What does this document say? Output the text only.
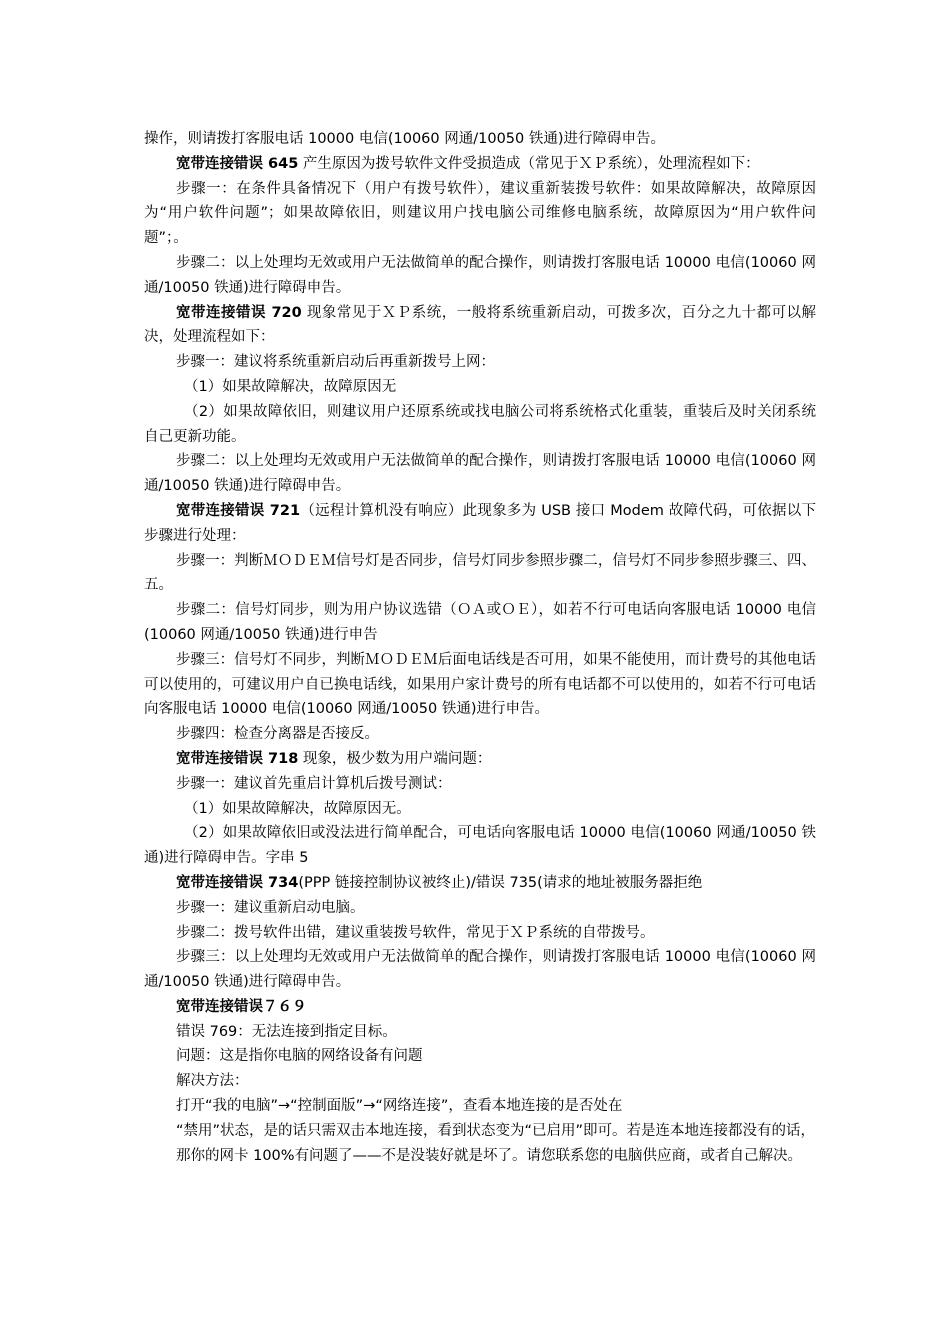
操作，则请拨打客服电话 10000 电信(10060 网通/10050 铁通)进行障碍申告。

宽带连接错误 645 产生原因为拨号软件文件受损造成（常见于ＸＰ系统），处理流程如下：

步骤一：在条件具备情况下（用户有拨号软件），建议重新装拨号软件：如果故障解决，故障原因为“用户软件问题”；如果故障依旧，则建议用户找电脑公司维修电脑系统，故障原因为“用户软件问题”；。

步骤二：以上处理均无效或用户无法做简单的配合操作，则请拨打客服电话 10000 电信(10060 网通/10050 铁通)进行障碍申告。

宽带连接错误 720 现象常见于ＸＰ系统，一般将系统重新启动，可拨多次，百分之九十都可以解决，处理流程如下：

步骤一：建议将系统重新启动后再重新拨号上网：

（1）如果故障解决，故障原因无

（2）如果故障依旧，则建议用户还原系统或找电脑公司将系统格式化重装，重装后及时关闭系统自己更新功能。

步骤二：以上处理均无效或用户无法做简单的配合操作，则请拨打客服电话 10000 电信(10060 网通/10050 铁通)进行障碍申告。

宽带连接错误 721（远程计算机没有响应）此现象多为 USB 接口 Modem 故障代码，可依据以下步骤进行处理：

步骤一：判断ＭＯＤＥＭ信号灯是否同步，信号灯同步参照步骤二，信号灯不同步参照步骤三、四、五。

步骤二：信号灯同步，则为用户协议选错（ＯＡ或ＯＥ），如若不行可电话向客服电话 10000 电信(10060 网通/10050 铁通)进行申告

步骤三：信号灯不同步，判断ＭＯＤＥＭ后面电话线是否可用，如果不能使用，而计费号的其他电话可以使用的，可建议用户自已换电话线，如果用户家计费号的所有电话都不可以使用的，如若不行可电话向客服电话 10000 电信(10060 网通/10050 铁通)进行申告。

步骤四：检查分离器是否接反。

宽带连接错误 718 现象，极少数为用户端问题：

步骤一：建议首先重启计算机后拨号测试：

（1）如果故障解决，故障原因无。

（2）如果故障依旧或没法进行简单配合，可电话向客服电话 10000 电信(10060 网通/10050 铁通)进行障碍申告。字串 5

宽带连接错误 734(PPP 链接控制协议被终止)/错误 735(请求的地址被服务器拒绝

步骤一：建议重新启动电脑。

步骤二：拨号软件出错，建议重装拨号软件，常见于ＸＰ系统的自带拨号。

步骤三：以上处理均无效或用户无法做简单的配合操作，则请拨打客服电话 10000 电信(10060 网通/10050 铁通)进行障碍申告。

宽带连接错误７６９

错误 769：无法连接到指定目标。

问题：这是指你电脑的网络设备有问题

解决方法：

打开“我的电脑”→“控制面版”→“网络连接”，查看本地连接的是否处在

“禁用”状态，是的话只需双击本地连接，看到状态变为“已启用”即可。若是连本地连接都没有的话，

那你的网卡 100%有问题了——不是没装好就是坏了。请您联系您的电脑供应商，或者自己解决。
